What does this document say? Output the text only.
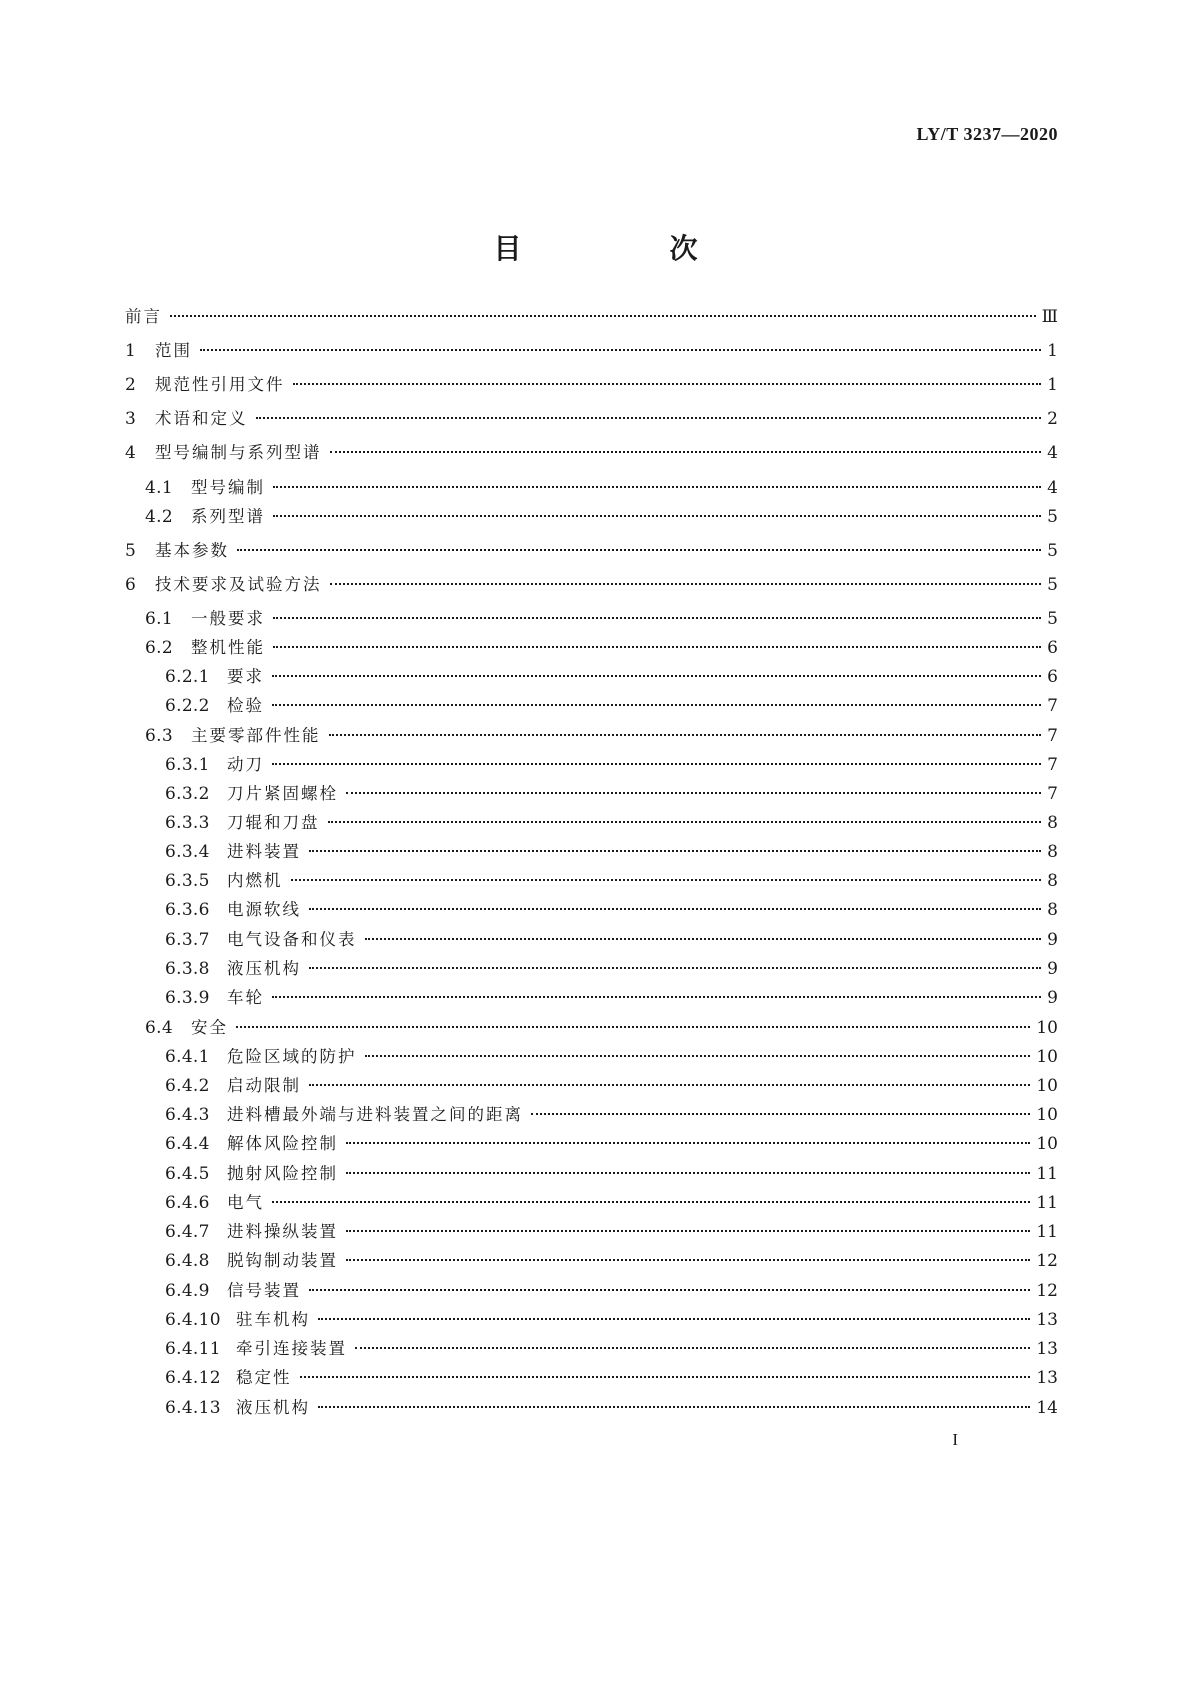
LY/T 3237—2020
目　次
前言	Ⅲ
1	范围	1
2	规范性引用文件	1
3	术语和定义	2
4	型号编制与系列型谱	4
4.1	型号编制	4
4.2	系列型谱	5
5	基本参数	5
6	技术要求及试验方法	5
6.1	一般要求	5
6.2	整机性能	6
6.2.1	要求	6
6.2.2	检验	7
6.3	主要零部件性能	7
6.3.1	动刀	7
6.3.2	刀片紧固螺栓	7
6.3.3	刀辊和刀盘	8
6.3.4	进料装置	8
6.3.5	内燃机	8
6.3.6	电源软线	8
6.3.7	电气设备和仪表	9
6.3.8	液压机构	9
6.3.9	车轮	9
6.4	安全	10
6.4.1	危险区域的防护	10
6.4.2	启动限制	10
6.4.3	进料槽最外端与进料装置之间的距离	10
6.4.4	解体风险控制	10
6.4.5	抛射风险控制	11
6.4.6	电气	11
6.4.7	进料操纵装置	11
6.4.8	脱钩制动装置	12
6.4.9	信号装置	12
6.4.10 驻车机构	13
6.4.11 牵引连接装置	13
6.4.12 稳定性	13
6.4.13 液压机构	14
I
